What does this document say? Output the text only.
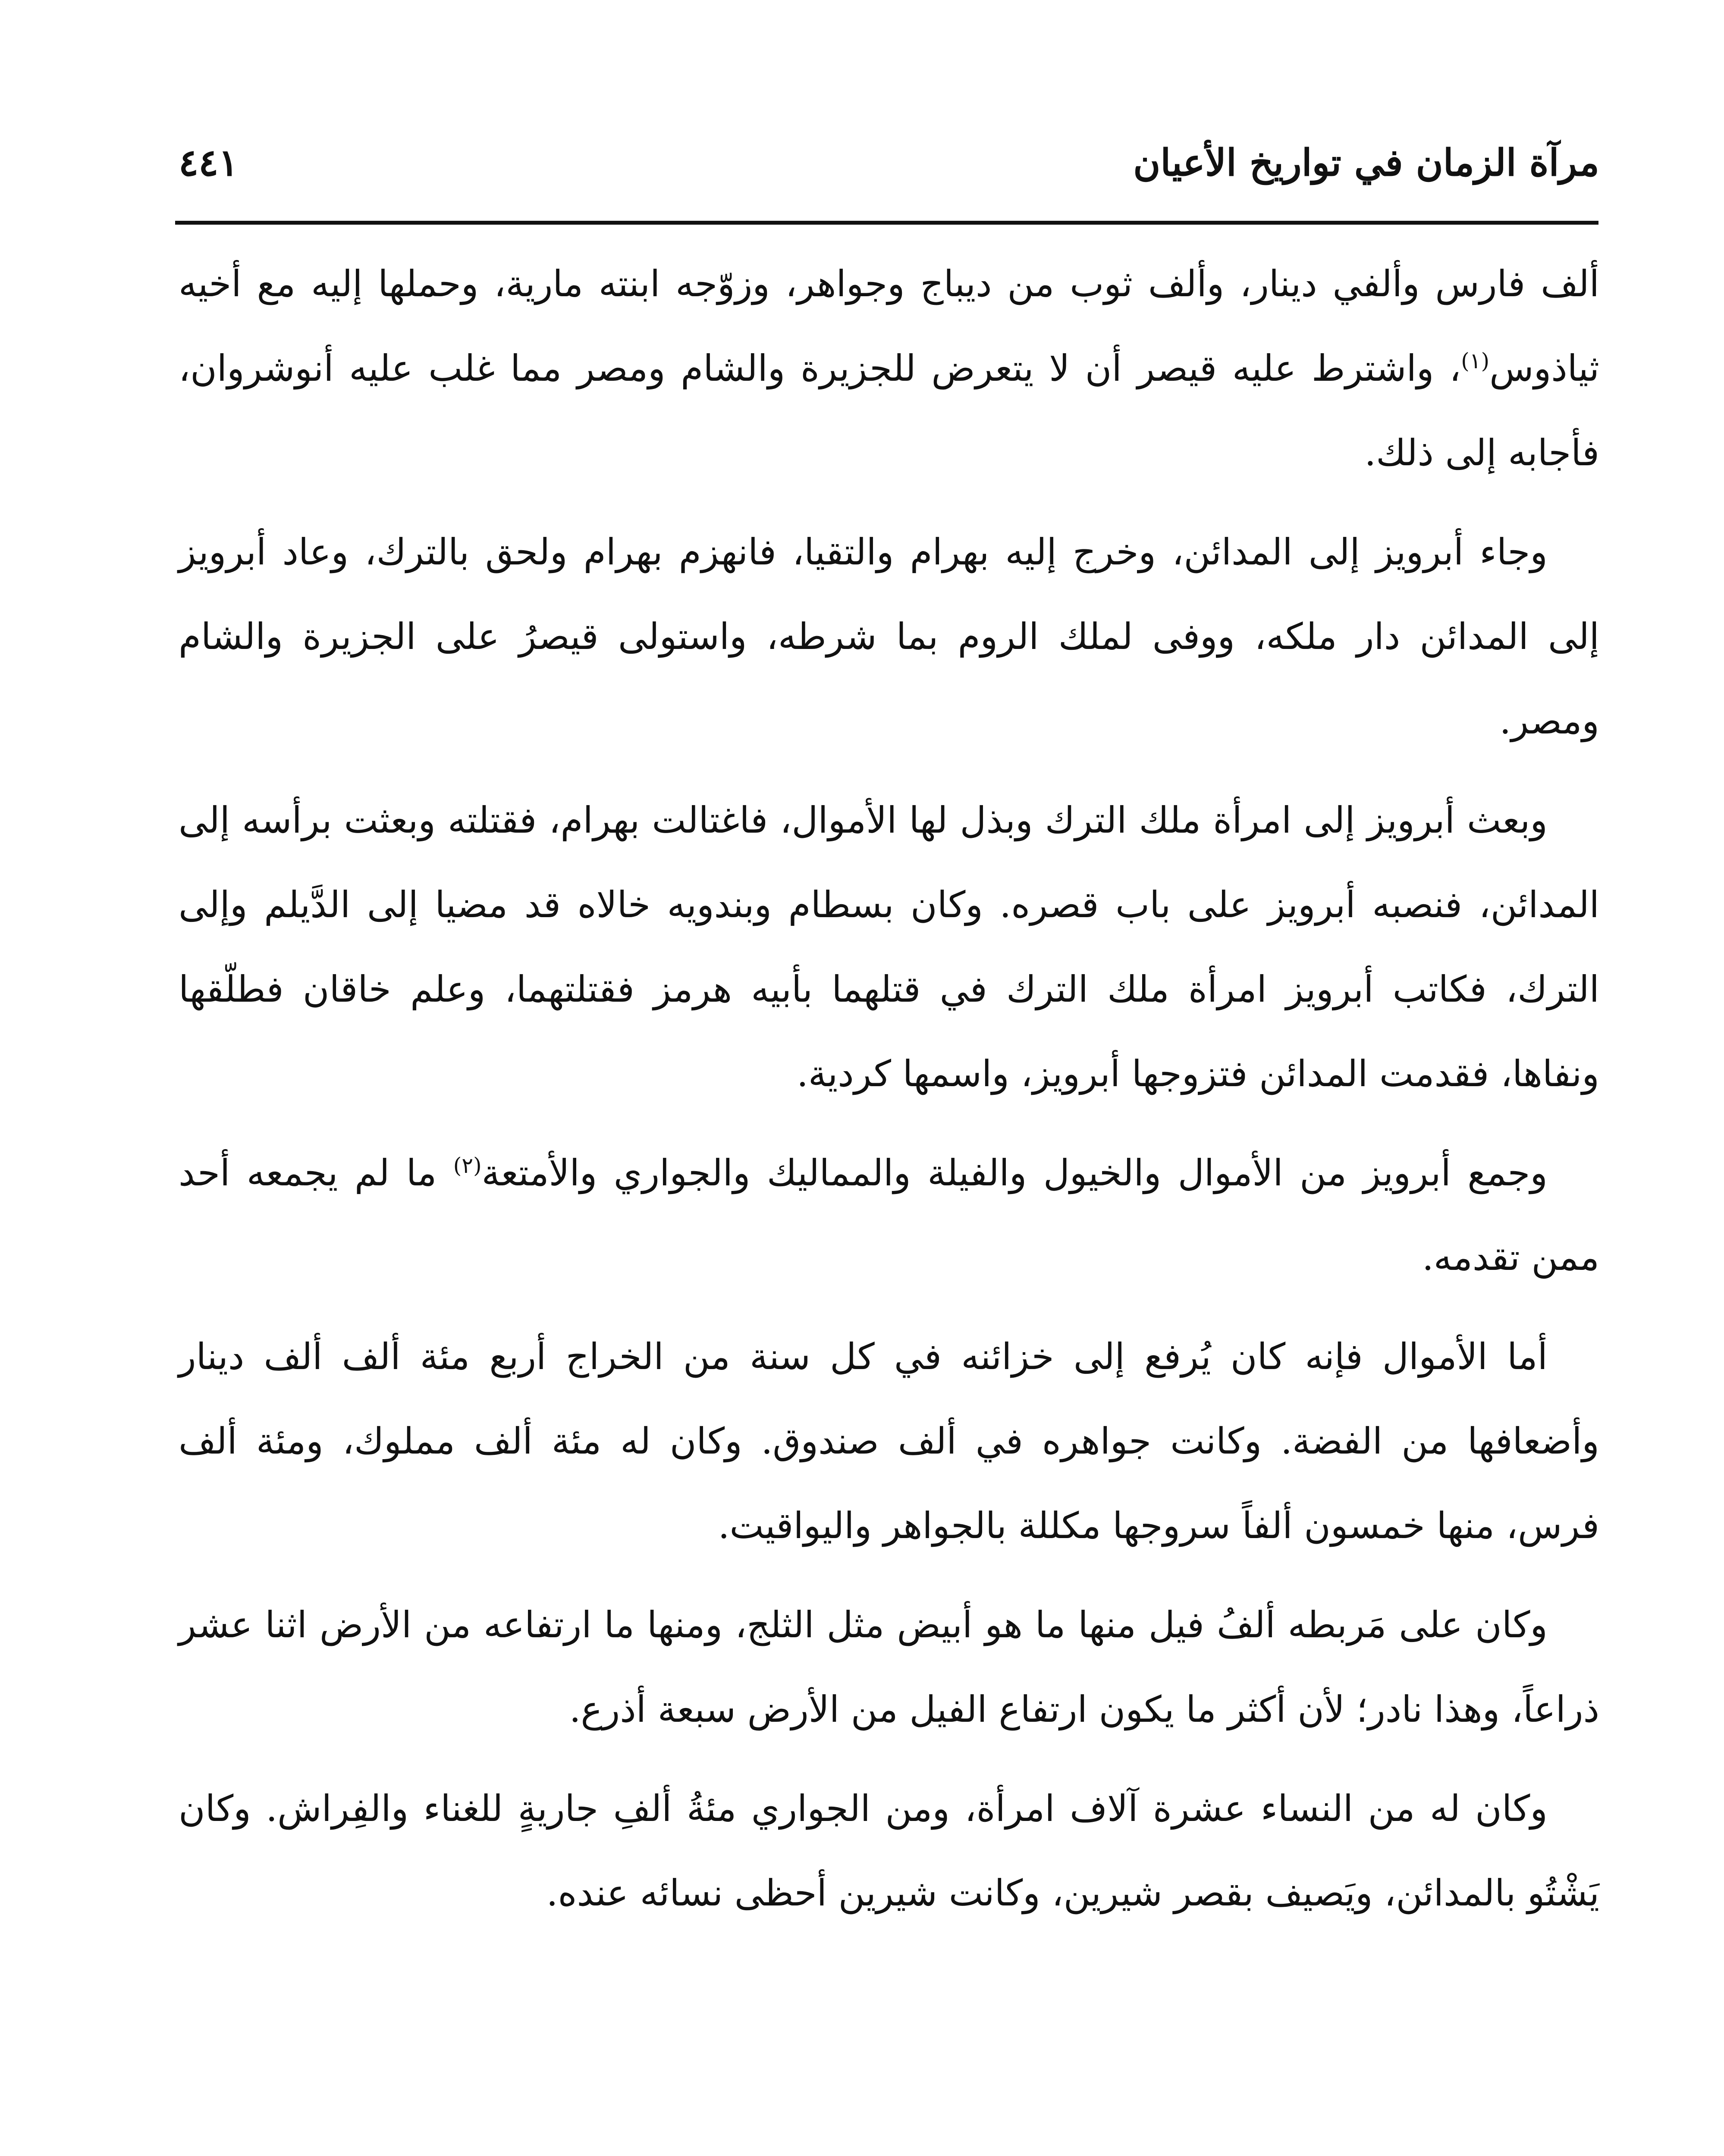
مرآة الزمان في تواريخ الأعيان
٤٤١

ألف فارس وألفي دينار، وألف ثوب من ديباج وجواهر، وزوّجه ابنته مارية، وحملها إليه مع أخيه ثياذوس$^{(١)}$، واشترط عليه قيصر أن لا يتعرض للجزيرة والشام ومصر مما غلب عليه أنوشروان، فأجابه إلى ذلك.

وجاء أبرويز إلى المدائن، وخرج إليه بهرام والتقيا، فانهزم بهرام ولحق بالترك، وعاد أبرويز إلى المدائن دار ملكه، ووفى لملك الروم بما شرطه، واستولى قيصرُ على الجزيرة والشام ومصر.

وبعث أبرويز إلى امرأة ملك الترك وبذل لها الأموال، فاغتالت بهرام، فقتلته وبعثت برأسه إلى المدائن، فنصبه أبرويز على باب قصره. وكان بسطام وبندويه خالاه قد مضيا إلى الدَّيلم وإلى الترك، فكاتب أبرويز امرأة ملك الترك في قتلهما بأبيه هرمز فقتلتهما، وعلم خاقان فطلّقها ونفاها، فقدمت المدائن فتزوجها أبرويز، واسمها كردية.

وجمع أبرويز من الأموال والخيول والفيلة والمماليك والجواري والأمتعة$^{(٢)}$ ما لم يجمعه أحد ممن تقدمه.

أما الأموال فإنه كان يُرفع إلى خزائنه في كل سنة من الخراج أربع مئة ألف ألف دينار وأضعافها من الفضة. وكانت جواهره في ألف صندوق. وكان له مئة ألف مملوك، ومئة ألف فرس، منها خمسون ألفاً سروجها مكللة بالجواهر واليواقيت.

وكان على مَربطه ألفُ فيل منها ما هو أبيض مثل الثلج، ومنها ما ارتفاعه من الأرض اثنا عشر ذراعاً، وهذا نادر؛ لأن أكثر ما يكون ارتفاع الفيل من الأرض سبعة أذرع.

وكان له من النساء عشرة آلاف امرأة، ومن الجواري مئةُ ألفِ جاريةٍ للغناء والفِراش. وكان يَشْتُو بالمدائن، ويَصيف بقصر شيرين، وكانت شيرين أحظى نسائه عنده.
